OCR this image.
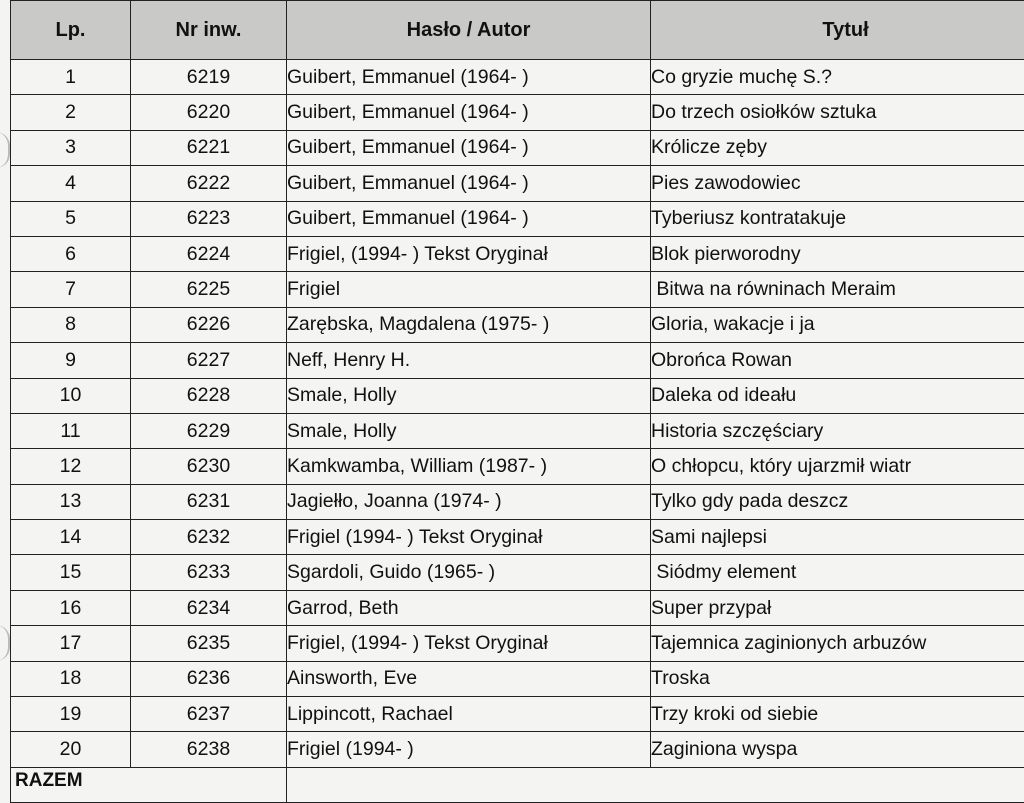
Lp.	Nr inw.	Hasło / Autor	Tytuł
1	6219	Guibert, Emmanuel (1964- )	Co gryzie muchę S.?
2	6220	Guibert, Emmanuel (1964- )	Do trzech osiołków sztuka
3	6221	Guibert, Emmanuel (1964- )	Królicze zęby
4	6222	Guibert, Emmanuel (1964- )	Pies zawodowiec
5	6223	Guibert, Emmanuel (1964- )	Tyberiusz kontratakuje
6	6224	Frigiel, (1994- ) Tekst Oryginał	Blok pierworodny
7	6225	Frigiel	Bitwa na równinach Meraim
8	6226	Zarębska, Magdalena (1975- )	Gloria, wakacje i ja
9	6227	Neff, Henry H.	Obrońca Rowan
10	6228	Smale, Holly	Daleka od ideału
11	6229	Smale, Holly	Historia szczęściary
12	6230	Kamkwamba, William (1987- )	O chłopcu, który ujarzmił wiatr
13	6231	Jagiełło, Joanna (1974- )	Tylko gdy pada deszcz
14	6232	Frigiel (1994- ) Tekst Oryginał	Sami najlepsi
15	6233	Sgardoli, Guido (1965- )	Siódmy element
16	6234	Garrod, Beth	Super przypał
17	6235	Frigiel, (1994- ) Tekst Oryginał	Tajemnica zaginionych arbuzów
18	6236	Ainsworth, Eve	Troska
19	6237	Lippincott, Rachael	Trzy kroki od siebie
20	6238	Frigiel (1994- )	Zaginiona wyspa

RAZEM			
